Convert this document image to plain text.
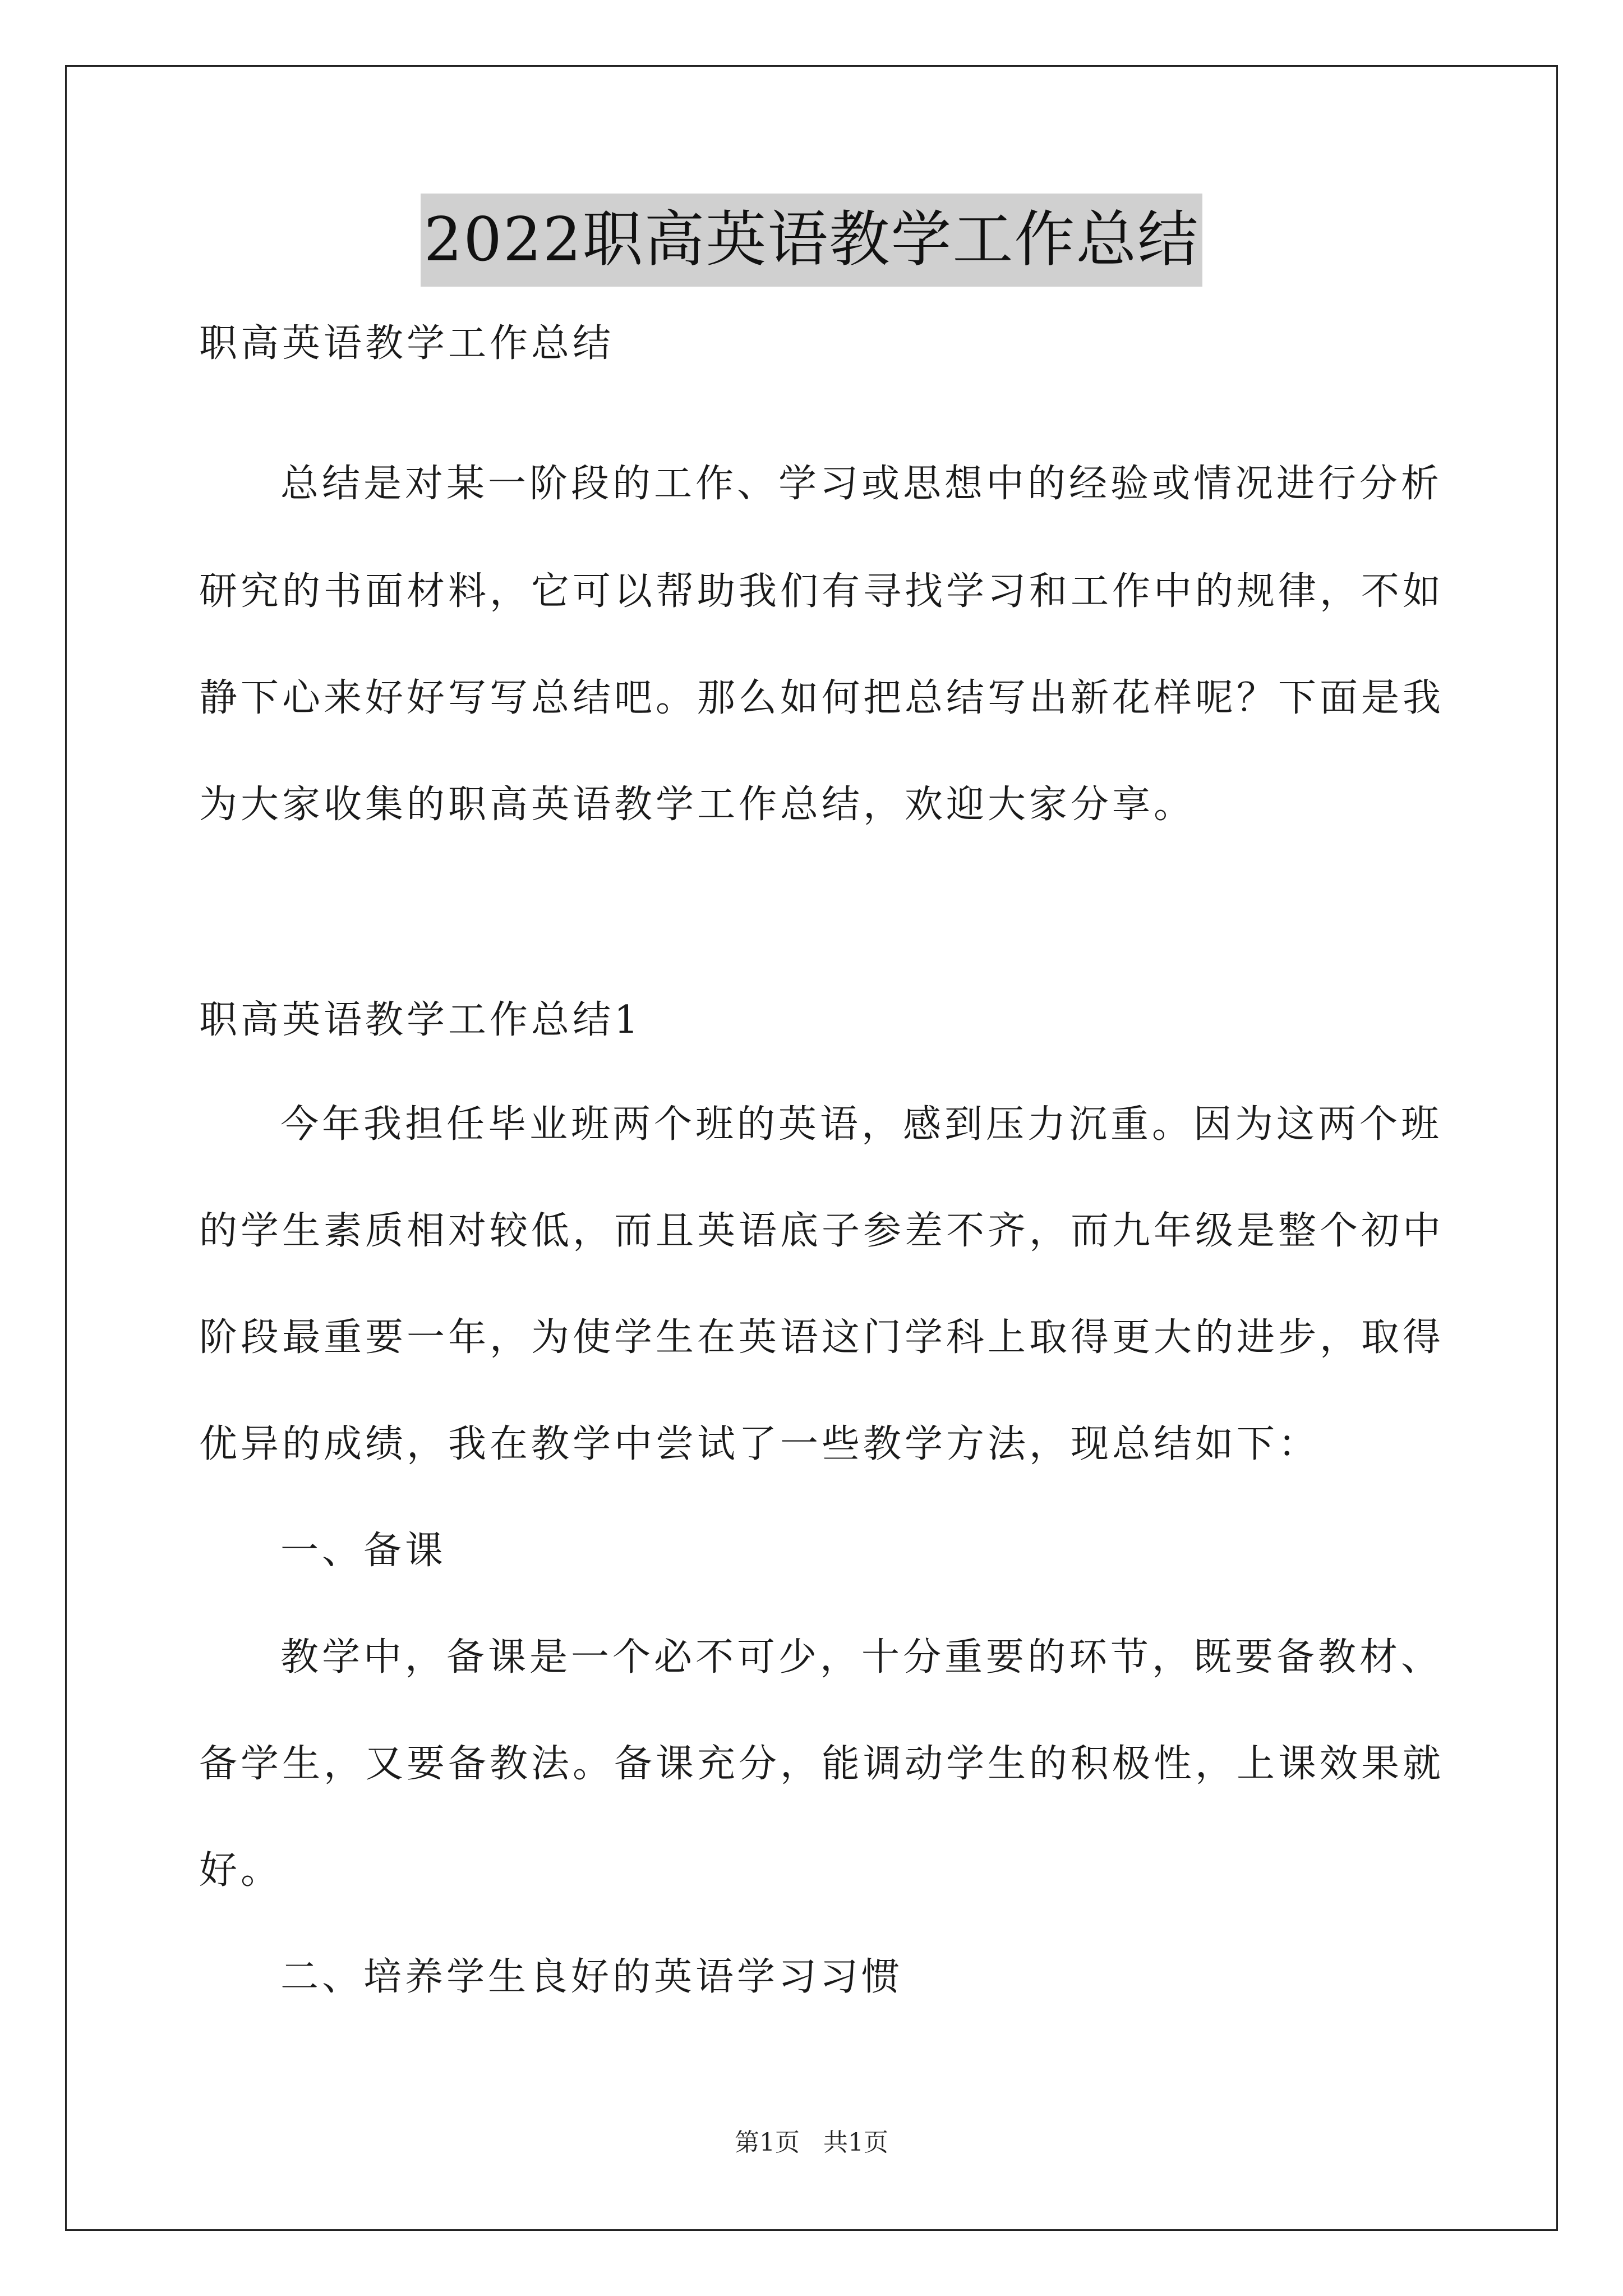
2022职高英语教学工作总结
职高英语教学工作总结
总结是对某一阶段的工作、学习或思想中的经验或情况进行分析
研究的书面材料，它可以帮助我们有寻找学习和工作中的规律，不如
静下心来好好写写总结吧。那么如何把总结写出新花样呢？下面是我
为大家收集的职高英语教学工作总结，欢迎大家分享。
职高英语教学工作总结1
今年我担任毕业班两个班的英语，感到压力沉重。因为这两个班
的学生素质相对较低，而且英语底子参差不齐，而九年级是整个初中
阶段最重要一年，为使学生在英语这门学科上取得更大的进步，取得
优异的成绩，我在教学中尝试了一些教学方法，现总结如下：
一、备课
教学中，备课是一个必不可少，十分重要的环节，既要备教材、
备学生，又要备教法。备课充分，能调动学生的积极性，上课效果就
好。
二、培养学生良好的英语学习习惯
第1页 共1页
